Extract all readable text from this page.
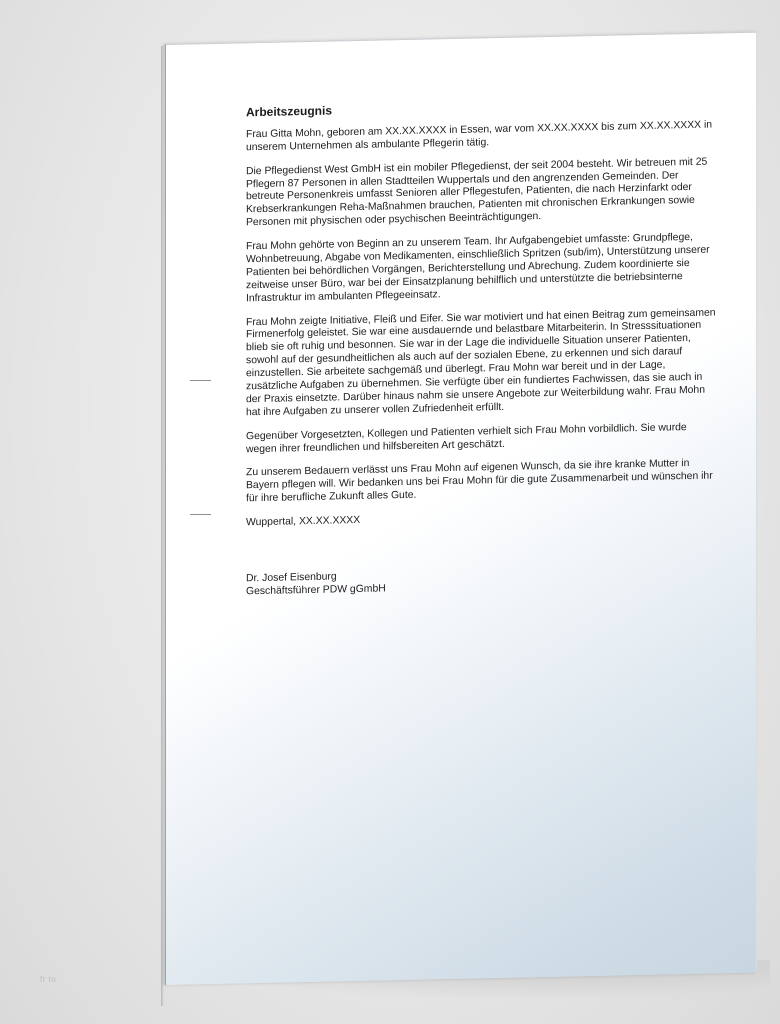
Arbeitszeugnis

Frau Gitta Mohn, geboren am XX.XX.XXXX in Essen, war vom XX.XX.XXXX bis zum XX.XX.XXXX in unserem Unternehmen als ambulante Pflegerin tätig.

Die Pflegedienst West GmbH ist ein mobiler Pflegedienst, der seit 2004 besteht. Wir betreuen mit 25 Pflegern 87 Personen in allen Stadtteilen Wuppertals und den angrenzenden Gemeinden. Der betreute Personenkreis umfasst Senioren aller Pflegestufen, Patienten, die nach Herzinfarkt oder Krebserkrankungen Reha-Maßnahmen brauchen, Patienten mit chronischen Erkrankungen sowie Personen mit physischen oder psychischen Beeinträchtigungen.

Frau Mohn gehörte von Beginn an zu unserem Team. Ihr Aufgabengebiet umfasste: Grundpflege, Wohnbetreuung, Abgabe von Medikamenten, einschließlich Spritzen (sub/im), Unterstützung unserer Patienten bei behördlichen Vorgängen, Berichterstellung und Abrechung. Zudem koordinierte sie zeitweise unser Büro, war bei der Einsatzplanung behilflich und unterstützte die betriebsinterne Infrastruktur im ambulanten Pflegeeinsatz.

Frau Mohn zeigte Initiative, Fleiß und Eifer. Sie war motiviert und hat einen Beitrag zum gemeinsamen Firmenerfolg geleistet. Sie war eine ausdauernde und belastbare Mitarbeiterin. In Stresssituationen blieb sie oft ruhig und besonnen. Sie war in der Lage die individuelle Situation unserer Patienten, sowohl auf der gesundheitlichen als auch auf der sozialen Ebene, zu erkennen und sich darauf einzustellen. Sie arbeitete sachgemäß und überlegt. Frau Mohn war bereit und in der Lage, zusätzliche Aufgaben zu übernehmen. Sie verfügte über ein fundiertes Fachwissen, das sie auch in der Praxis einsetzte. Darüber hinaus nahm sie unsere Angebote zur Weiterbildung wahr. Frau Mohn hat ihre Aufgaben zu unserer vollen Zufriedenheit erfüllt.

Gegenüber Vorgesetzten, Kollegen und Patienten verhielt sich Frau Mohn vorbildlich. Sie wurde wegen ihrer freundlichen und hilfsbereiten Art geschätzt.

Zu unserem Bedauern verlässt uns Frau Mohn auf eigenen Wunsch, da sie ihre kranke Mutter in Bayern pflegen will. Wir bedanken uns bei Frau Mohn für die gute Zusammenarbeit und wünschen ihr für ihre berufliche Zukunft alles Gute.

Wuppertal, XX.XX.XXXX

Dr. Josef Eisenburg

Geschäftsführer PDW gGmbH

fr to
